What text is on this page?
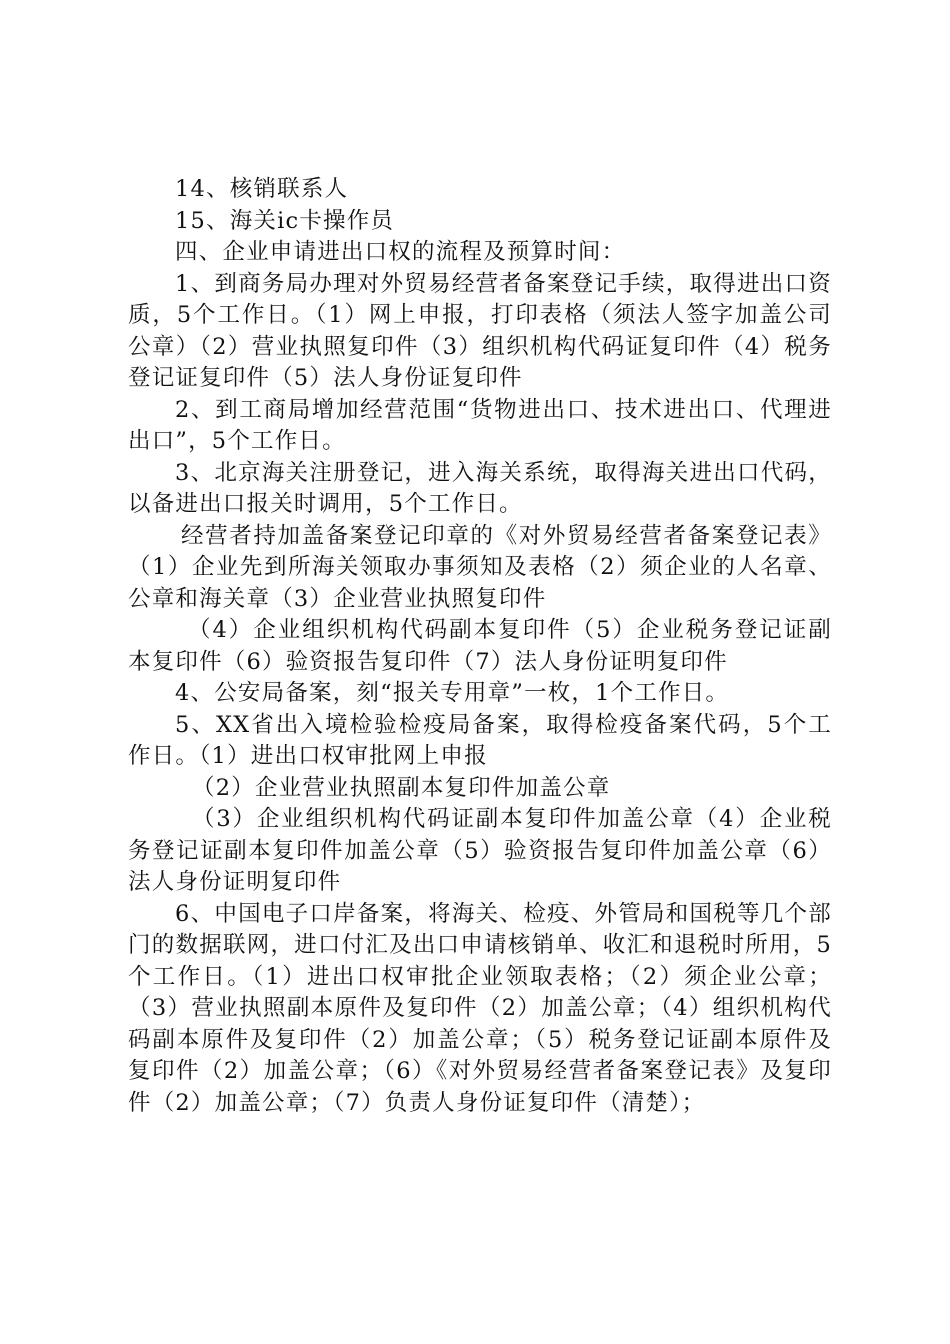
14、核销联系人

15、海关ic卡操作员

四、企业申请进出口权的流程及预算时间：

1、到商务局办理对外贸易经营者备案登记手续，取得进出口资质，5个工作日。（1）网上申报，打印表格（须法人签字加盖公司公章）（2）营业执照复印件（3）组织机构代码证复印件（4）税务登记证复印件（5）法人身份证复印件

2、到工商局增加经营范围“货物进出口、技术进出口、代理进出口”，5个工作日。

3、北京海关注册登记，进入海关系统，取得海关进出口代码，以备进出口报关时调用，5个工作日。

经营者持加盖备案登记印章的《对外贸易经营者备案登记表》（1）企业先到所海关领取办事须知及表格（2）须企业的人名章、公章和海关章（3）企业营业执照复印件

（4）企业组织机构代码副本复印件（5）企业税务登记证副本复印件（6）验资报告复印件（7）法人身份证明复印件

4、公安局备案，刻“报关专用章”一枚，1个工作日。

5、XX省出入境检验检疫局备案，取得检疫备案代码，5个工作日。（1）进出口权审批网上申报

（2）企业营业执照副本复印件加盖公章

（3）企业组织机构代码证副本复印件加盖公章（4）企业税务登记证副本复印件加盖公章（5）验资报告复印件加盖公章（6）法人身份证明复印件

6、中国电子口岸备案，将海关、检疫、外管局和国税等几个部门的数据联网，进口付汇及出口申请核销单、收汇和退税时所用，5个工作日。（1）进出口权审批企业领取表格；（2）须企业公章；（3）营业执照副本原件及复印件（2）加盖公章；（4）组织机构代码副本原件及复印件（2）加盖公章；（5）税务登记证副本原件及复印件（2）加盖公章；（6）《对外贸易经营者备案登记表》及复印件（2）加盖公章；（7）负责人身份证复印件（清楚）；
